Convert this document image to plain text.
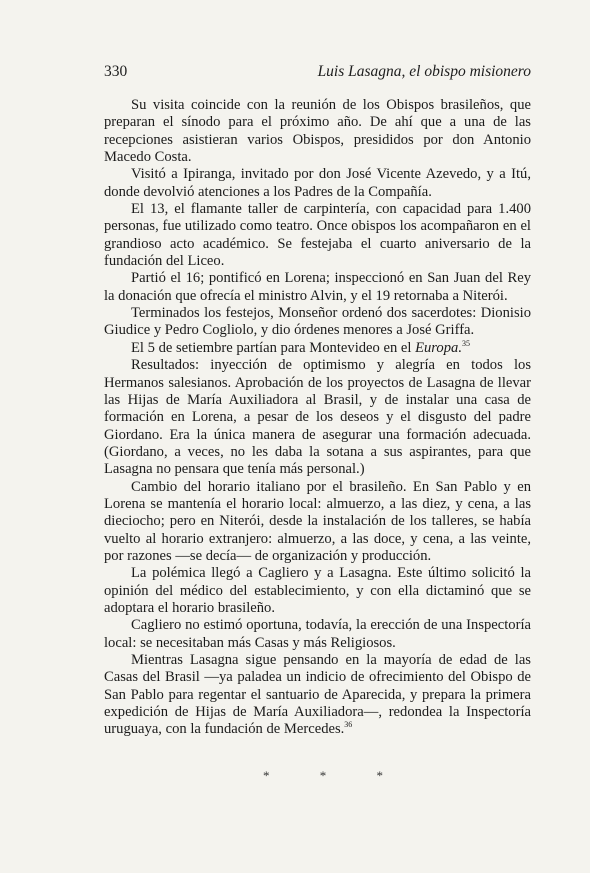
330	Luis Lasagna, el obispo misionero

Su visita coincide con la reunión de los Obispos brasileños, que preparan el sínodo para el próximo año. De ahí que a una de las recepciones asistieran varios Obispos, presididos por don Antonio Macedo Costa.

Visitó a Ipiranga, invitado por don José Vicente Azevedo, y a Itú, donde devolvió atenciones a los Padres de la Compañía.

El 13, el flamante taller de carpintería, con capacidad para 1.400 personas, fue utilizado como teatro. Once obispos los acompañaron en el grandioso acto académico. Se festejaba el cuarto aniversario de la fundación del Liceo.

Partió el 16; pontificó en Lorena; inspeccionó en San Juan del Rey la donación que ofrecía el ministro Alvin, y el 19 retornaba a Niterói.

Terminados los festejos, Monseñor ordenó dos sacerdotes: Dionisio Giudice y Pedro Cogliolo, y dio órdenes menores a José Griffa.

El 5 de setiembre partían para Montevideo en el Europa.$^{35}$

Resultados: inyección de optimismo y alegría en todos los Hermanos salesianos. Aprobación de los proyectos de Lasagna de llevar las Hijas de María Auxiliadora al Brasil, y de instalar una casa de formación en Lorena, a pesar de los deseos y el disgusto del padre Giordano. Era la única manera de asegurar una formación adecuada. (Giordano, a veces, no les daba la sotana a sus aspirantes, para que Lasagna no pensara que tenía más personal.)

Cambio del horario italiano por el brasileño. En San Pablo y en Lorena se mantenía el horario local: almuerzo, a las diez, y cena, a las dieciocho; pero en Niterói, desde la instalación de los talleres, se había vuelto al horario extranjero: almuerzo, a las doce, y cena, a las veinte, por razones —se decía— de organización y producción.

La polémica llegó a Cagliero y a Lasagna. Este último solicitó la opinión del médico del establecimiento, y con ella dictaminó que se adoptara el horario brasileño.

Cagliero no estimó oportuna, todavía, la erección de una Inspectoría local: se necesitaban más Casas y más Religiosos.

Mientras Lasagna sigue pensando en la mayoría de edad de las Casas del Brasil —ya paladea un indicio de ofrecimiento del Obispo de San Pablo para regentar el santuario de Aparecida, y prepara la primera expedición de Hijas de María Auxiliadora—, redondea la Inspectoría uruguaya, con la fundación de Mercedes.$^{36}$

*	*	*
